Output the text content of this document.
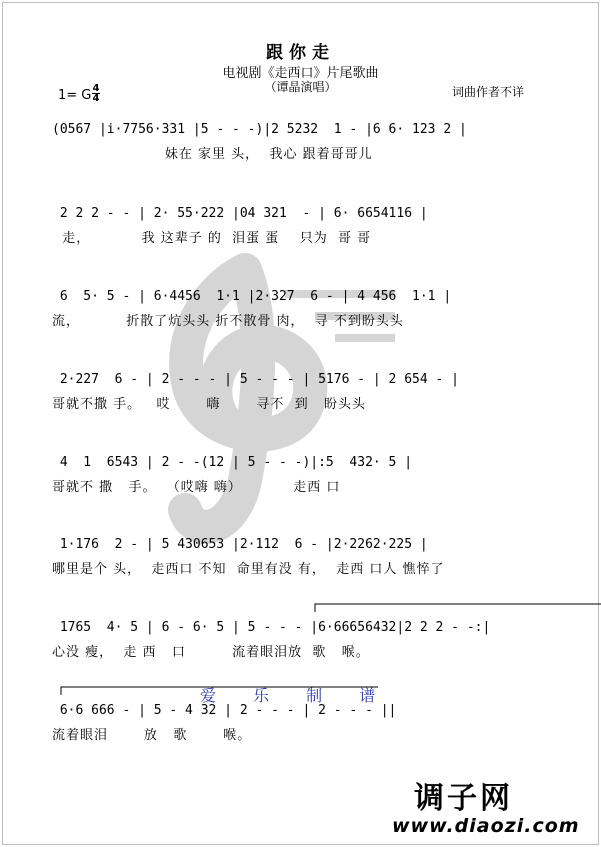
跟你走
电视剧《走西口》片尾歌曲
（谭晶演唱）
1= G 4
4	词曲作者不详
(0567 |i·7756·331 |5 - - -)|2 5232  1 - |6 6· 123 2 |
妹在 家里 头，  我心 跟着哥哥儿
2 2 2 - - | 2· 55·222 |04 321  - | 6· 6654116 |
走，          我 这辈子 的  泪蛋 蛋    只为  哥 哥
6  5· 5 - | 6·4456  1·1 |2·327  6 - | 4 456  1·1 |
流，         折散了炕头头 折不散骨 肉，  寻 不到盼头头
2·227  6 - | 2 - - - | 5 - - - | 5176 - | 2 654 - |
哥就不撒 手。   哎       嗨       寻不  到   盼头头
4  1  6543 | 2 - -(12 | 5 - - -)|:5  432· 5 |
哥就不 撒   手。  （哎嗨 嗨）          走西 口
1·176  2 - | 5 430653 |2·112  6 - |2·2262·225 |
哪里是个 头，  走西口 不知  命里有没 有，  走西 口人 憔悴了
1765  4· 5 | 6 - 6· 5 | 5 - - - |6·66656432|2 2 2 - -:|
心没 瘦，  走 西   口         流着眼泪放  歌   喉。
6·6 666 - | 5 - 4 32 | 2 - - - | 2 - - - ||
流着眼泪       放   歌       喉。
爱 乐 制 谱
调子网
www.diaozi.com
